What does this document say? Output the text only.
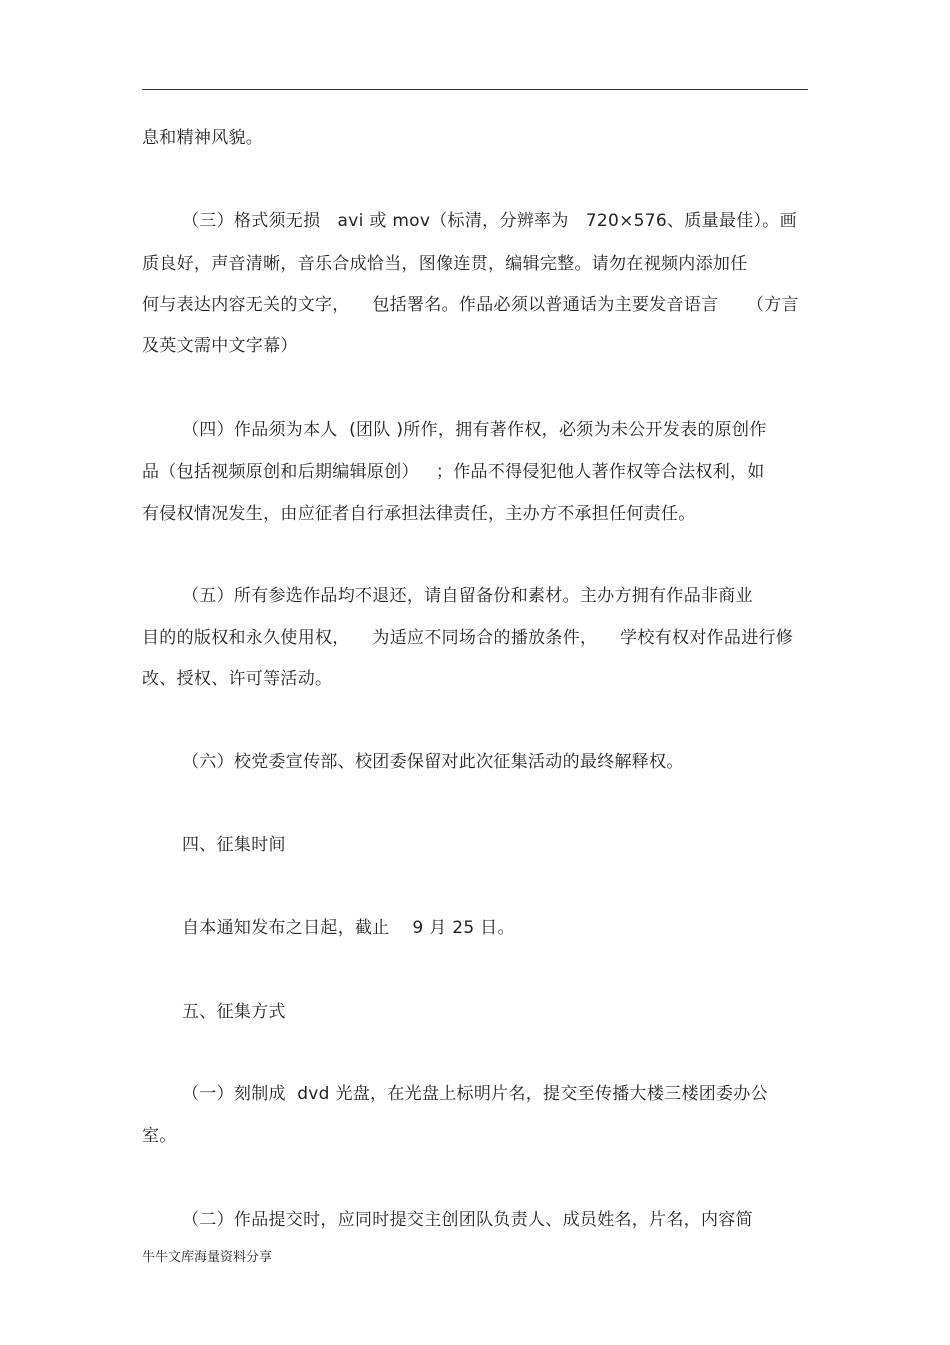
息和精神风貌。
（三）格式须无损   avi 或 mov（标清，分辨率为   720×576、质量最佳）。画
质良好，声音清晰，音乐合成恰当，图像连贯，编辑完整。请勿在视频内添加任
何与表达内容无关的文字，    包括署名。作品必须以普通话为主要发音语言     （方言
及英文需中文字幕）
（四）作品须为本人  (团队 )所作，拥有著作权，必须为未公开发表的原创作
品（包括视频原创和后期编辑原创）   ；作品不得侵犯他人著作权等合法权利，如
有侵权情况发生，由应征者自行承担法律责任，主办方不承担任何责任。
（五）所有参选作品均不退还，请自留备份和素材。主办方拥有作品非商业
目的的版权和永久使用权，    为适应不同场合的播放条件，    学校有权对作品进行修
改、授权、许可等活动。
（六）校党委宣传部、校团委保留对此次征集活动的最终解释权。
四、征集时间
自本通知发布之日起，截止    9 月 25 日。
五、征集方式
（一）刻制成  dvd 光盘，在光盘上标明片名，提交至传播大楼三楼团委办公
室。
（二）作品提交时，应同时提交主创团队负责人、成员姓名，片名，内容简
牛牛文库海量资料分享
